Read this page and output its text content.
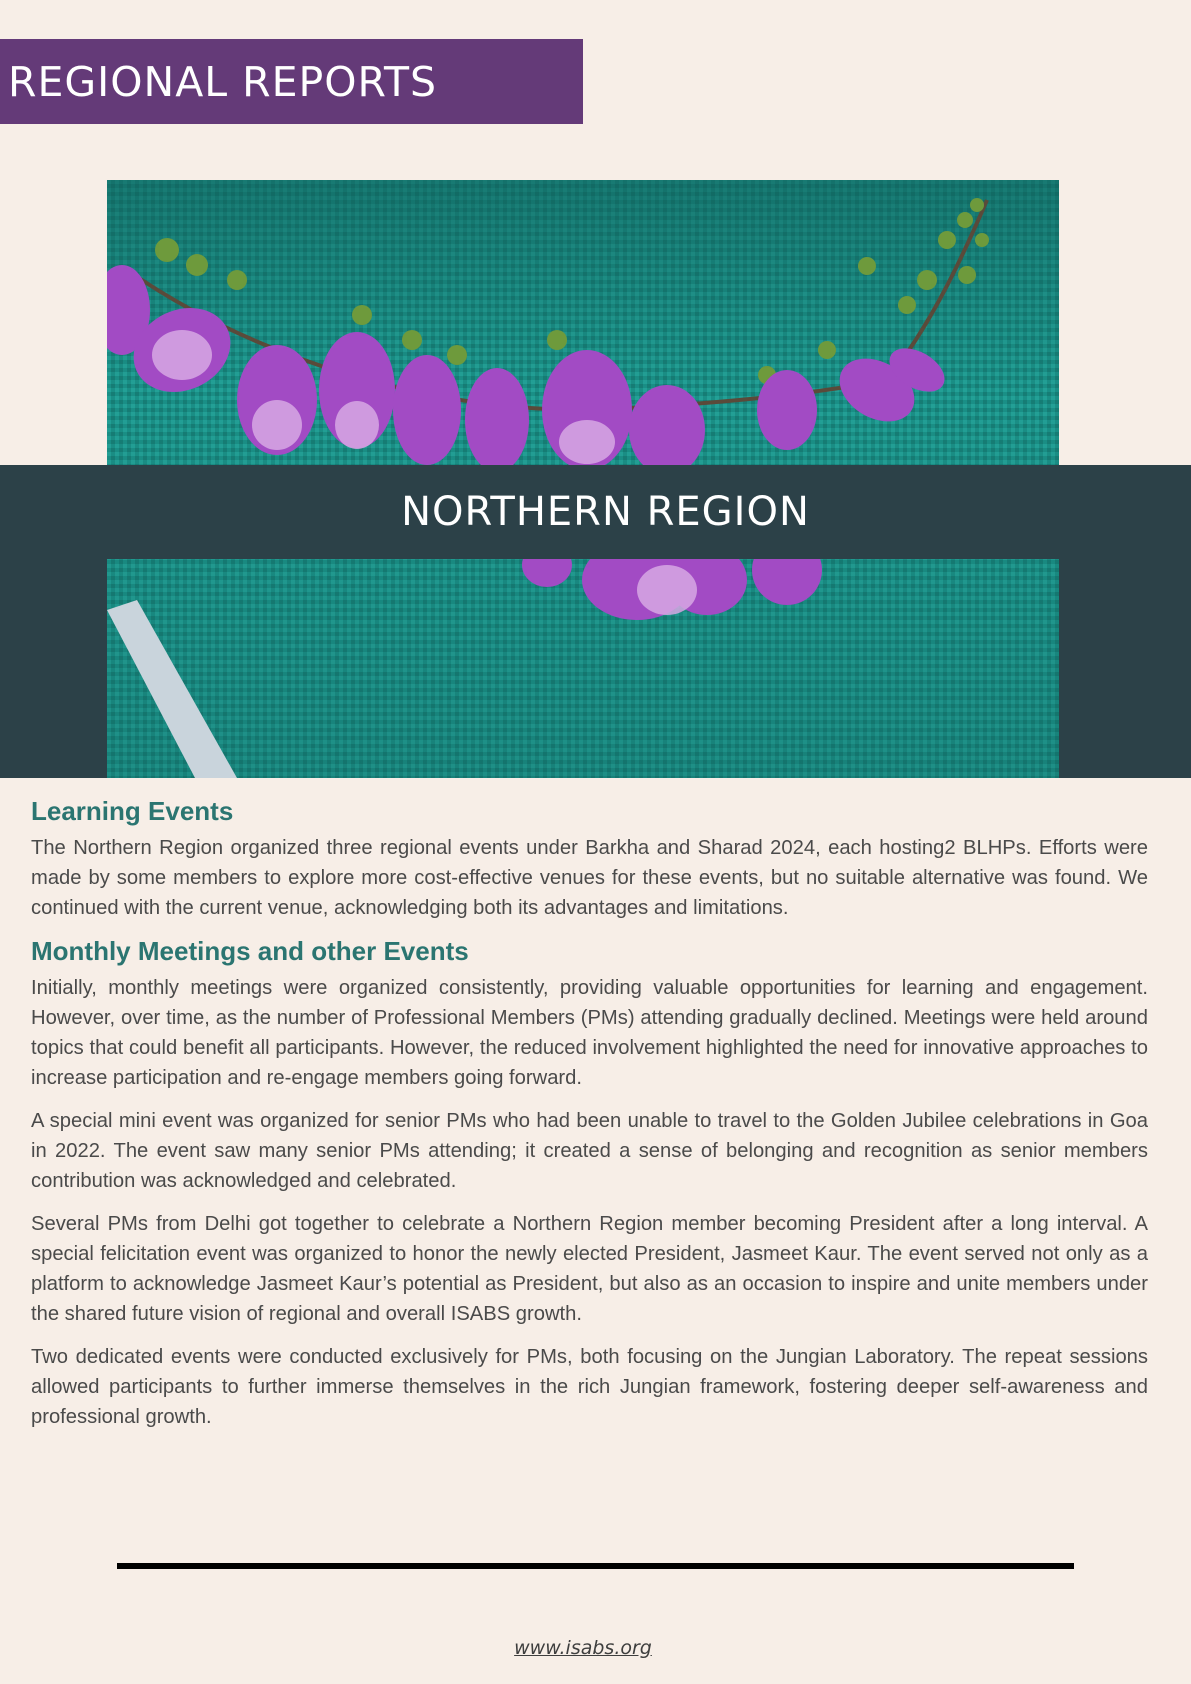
REGIONAL REPORTS
NORTHERN REGION
Learning Events

The Northern Region organized three regional events under Barkha and Sharad 2024, each hosting2 BLHPs. Efforts were made by some members to explore more cost-effective venues for these events, but no suitable alternative was found. We continued with the current venue, acknowledging both its advantages and limitations.

Monthly Meetings and other Events

Initially, monthly meetings were organized consistently, providing valuable opportunities for learning and engagement. However, over time, as the number of Professional Members (PMs) attending gradually declined. Meetings were held around topics that could benefit all participants. However, the reduced involvement highlighted the need for innovative approaches to increase participation and re-engage members going forward.

A special mini event was organized for senior PMs who had been unable to travel to the Golden Jubilee celebrations in Goa in 2022. The event saw many senior PMs attending; it created a sense of belonging and recognition as senior members contribution was acknowledged and celebrated.

Several PMs from Delhi got together to celebrate a Northern Region member becoming President after a long interval. A special felicitation event was organized to honor the newly elected President, Jasmeet Kaur. The event served not only as a platform to acknowledge Jasmeet Kaur’s potential as President, but also as an occasion to inspire and unite members under the shared future vision of regional and overall ISABS growth.

Two dedicated events were conducted exclusively for PMs, both focusing on the Jungian Laboratory. The repeat sessions allowed participants to further immerse themselves in the rich Jungian framework, fostering deeper self-awareness and professional growth.

www.isabs.org
